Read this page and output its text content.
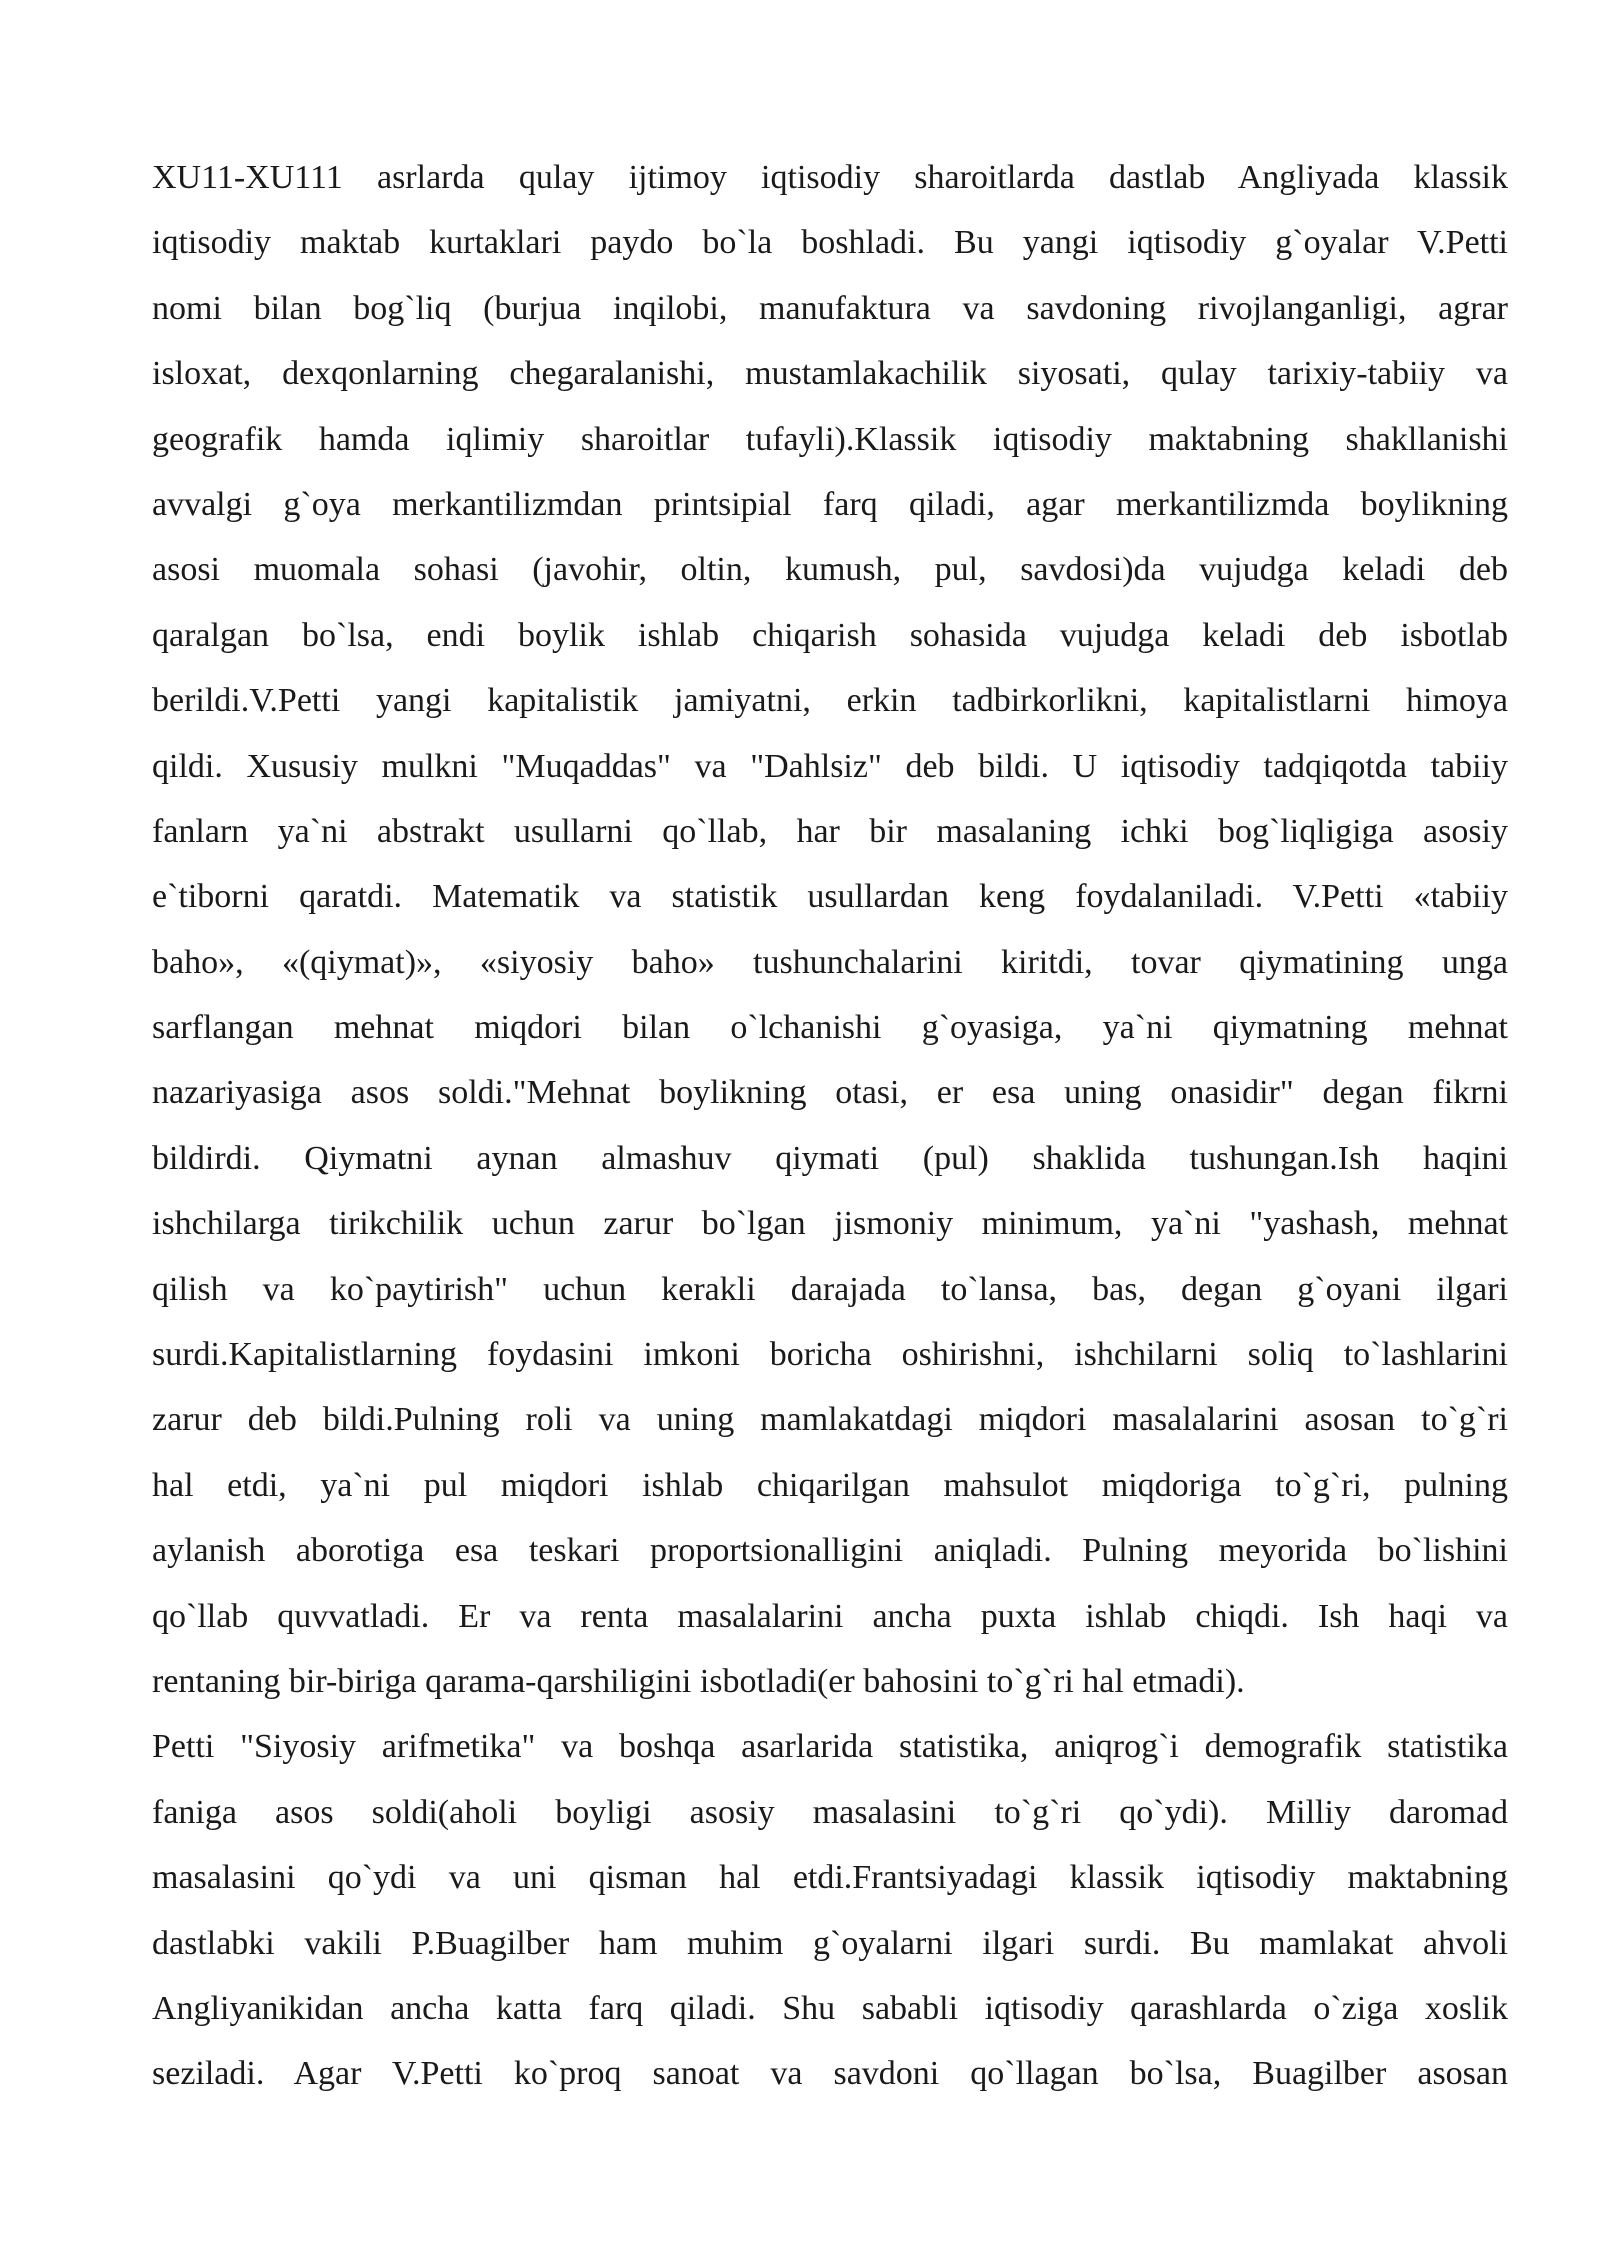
XU11-XU111 asrlarda qulay ijtimoy iqtisodiy sharoitlarda dastlab Angliyada klassik
iqtisodiy maktab kurtaklari paydo bo`la boshladi. Bu yangi iqtisodiy g`oyalar V.Petti
nomi bilan bog`liq (burjua inqilobi, manufaktura va savdoning rivojlanganligi, agrar
isloxat, dexqonlarning chegaralanishi, mustamlakachilik siyosati, qulay tarixiy-tabiiy va
geografik hamda iqlimiy sharoitlar tufayli).Klassik iqtisodiy maktabning shakllanishi
avvalgi g`oya merkantilizmdan printsipial farq qiladi, agar merkantilizmda boylikning
asosi muomala sohasi (javohir, oltin, kumush, pul, savdosi)da vujudga keladi deb
qaralgan bo`lsa, endi boylik ishlab chiqarish sohasida vujudga keladi deb isbotlab
berildi.V.Petti yangi kapitalistik jamiyatni, erkin tadbirkorlikni, kapitalistlarni himoya
qildi. Xususiy mulkni "Muqaddas" va "Dahlsiz" deb bildi. U iqtisodiy tadqiqotda tabiiy
fanlarn ya`ni abstrakt usullarni qo`llab, har bir masalaning ichki bog`liqligiga asosiy
e`tiborni qaratdi. Matematik va statistik usullardan keng foydalaniladi. V.Petti «tabiiy
baho», «(qiymat)», «siyosiy baho» tushunchalarini kiritdi, tovar qiymatining unga
sarflangan mehnat miqdori bilan o`lchanishi g`oyasiga, ya`ni qiymatning mehnat
nazariyasiga asos soldi."Mehnat boylikning otasi, er esa uning onasidir" degan fikrni
bildirdi. Qiymatni aynan almashuv qiymati (pul) shaklida tushungan.Ish haqini
ishchilarga tirikchilik uchun zarur bo`lgan jismoniy minimum, ya`ni "yashash, mehnat
qilish va ko`paytirish" uchun kerakli darajada to`lansa, bas, degan g`oyani ilgari
surdi.Kapitalistlarning foydasini imkoni boricha oshirishni, ishchilarni soliq to`lashlarini
zarur deb bildi.Pulning roli va uning mamlakatdagi miqdori masalalarini asosan to`g`ri
hal etdi, ya`ni pul miqdori ishlab chiqarilgan mahsulot miqdoriga to`g`ri, pulning
aylanish aborotiga esa teskari proportsionalligini aniqladi. Pulning meyorida bo`lishini
qo`llab quvvatladi. Er va renta masalalarini ancha puxta ishlab chiqdi. Ish haqi va
rentaning bir-biriga qarama-qarshiligini isbotladi(er bahosini to`g`ri hal etmadi).
Petti "Siyosiy arifmetika" va boshqa asarlarida statistika, aniqrog`i demografik statistika
faniga asos soldi(aholi boyligi asosiy masalasini to`g`ri qo`ydi). Milliy daromad
masalasini qo`ydi va uni qisman hal etdi.Frantsiyadagi klassik iqtisodiy maktabning
dastlabki vakili P.Buagilber ham muhim g`oyalarni ilgari surdi. Bu mamlakat ahvoli
Angliyanikidan ancha katta farq qiladi. Shu sababli iqtisodiy qarashlarda o`ziga xoslik
seziladi. Agar V.Petti ko`proq sanoat va savdoni qo`llagan bo`lsa, Buagilber asosan
